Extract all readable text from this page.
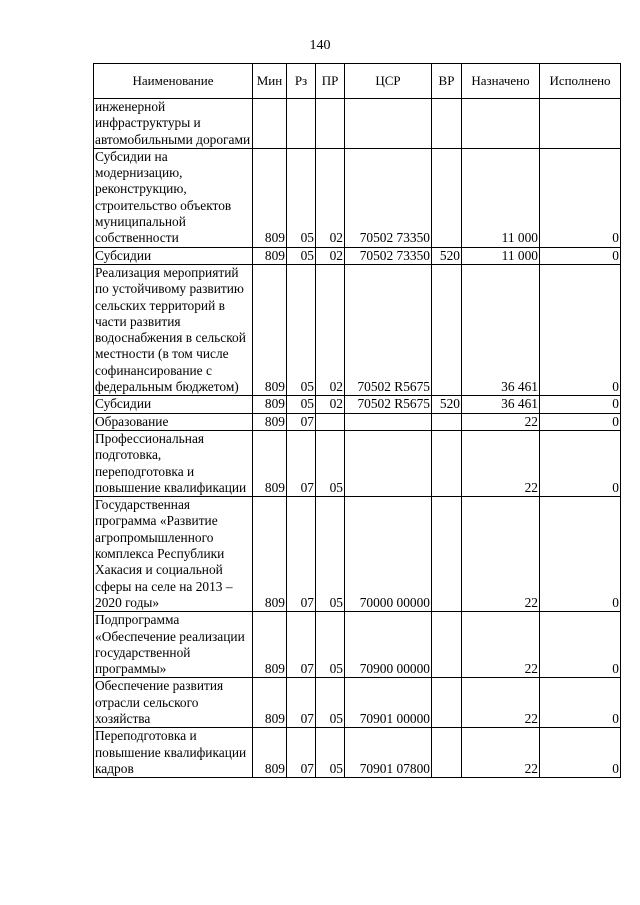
140
Наименование	Мин	Рз	ПР	ЦСР	ВР	Назначено	Исполнено
инженерной инфраструктуры и автомобильными дорогами							
Субсидии на модернизацию, реконструкцию, строительство объектов муниципальной собственности	809	05	02	70502 73350		11 000	0
Субсидии	809	05	02	70502 73350	520	11 000	0
Реализация мероприятий по устойчивому развитию сельских территорий в части развития водоснабжения в сельской местности (в том числе софинансирование с федеральным бюджетом)	809	05	02	70502 R5675		36 461	0
Субсидии	809	05	02	70502 R5675	520	36 461	0
Образование	809	07				22	0
Профессиональная подготовка, переподготовка и повышение квалификации	809	07	05			22	0
Государственная программа «Развитие агропромышленного комплекса Республики Хакасия и социальной сферы на селе на 2013 – 2020 годы»	809	07	05	70000 00000		22	0
Подпрограмма «Обеспечение реализации государственной программы»	809	07	05	70900 00000		22	0
Обеспечение развития отрасли сельского хозяйства	809	07	05	70901 00000		22	0
Переподготовка и повышение квалификации кадров	809	07	05	70901 07800		22	0
